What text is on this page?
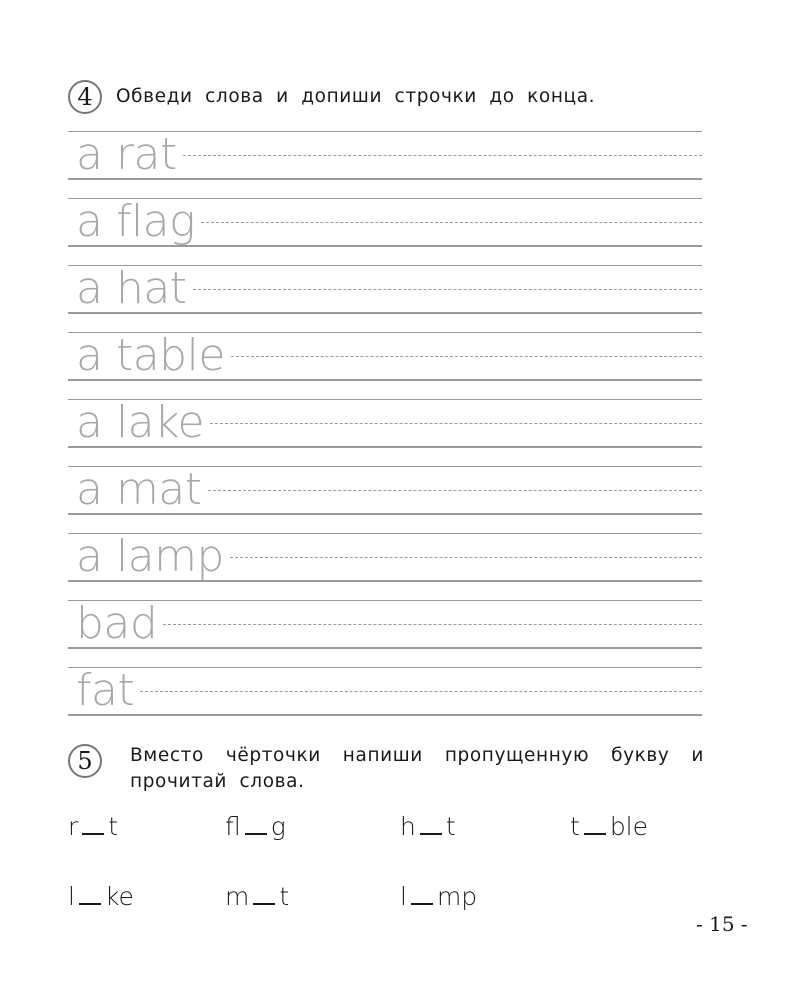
4	Обведи слова и допиши строчки до конца.
a rat
a flag
a hat
a table
a lake
a mat
a lamp
bad
fat
5	Вместо чёрточки напиши пропущенную букву и прочитай слова.
r t	fl g	h t	t ble
l ke	m t	l mp
- 15 -
